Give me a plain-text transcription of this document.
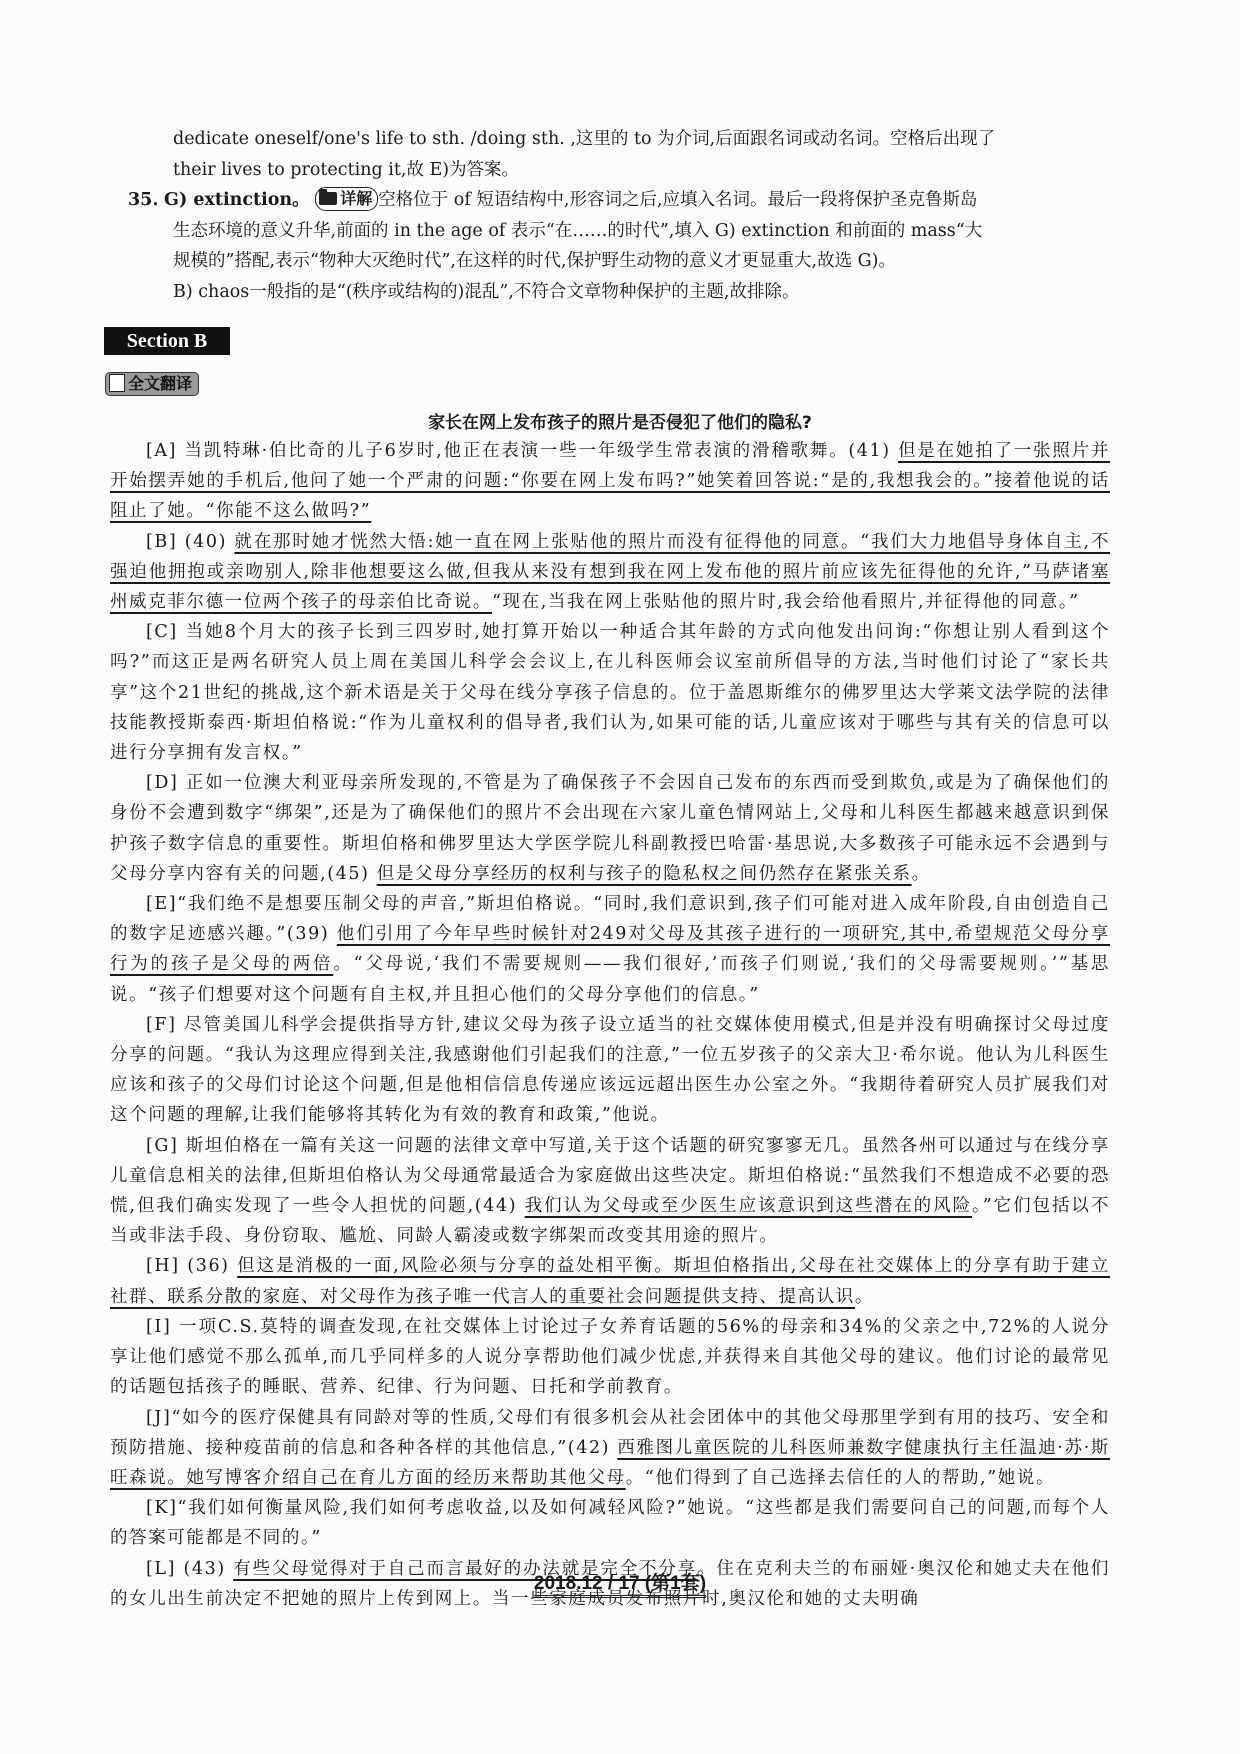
dedicate oneself/one's life to sth. /doing sth. ,这里的 to 为介词,后面跟名词或动名词。空格后出现了
their lives to protecting it,故 E)为答案。
35. G) extinction。 详解 空格位于 of 短语结构中,形容词之后,应填入名词。最后一段将保护圣克鲁斯岛
生态环境的意义升华,前面的 in the age of 表示“在……的时代”,填入 G) extinction 和前面的 mass“大
规模的”搭配,表示“物种大灭绝时代”,在这样的时代,保护野生动物的意义才更显重大,故选 G)。
B) chaos一般指的是“(秩序或结构的)混乱”,不符合文章物种保护的主题,故排除。
Section B
全文翻译
家长在网上发布孩子的照片是否侵犯了他们的隐私?

[A] 当凯特琳·伯比奇的儿子6岁时,他正在表演一些一年级学生常表演的滑稽歌舞。(41) 但是在她拍了一张照片并开始摆弄她的手机后,他问了她一个严肃的问题:“你要在网上发布吗?”她笑着回答说:“是的,我想我会的。”接着他说的话阻止了她。“你能不这么做吗?”

[B] (40) 就在那时她才恍然大悟:她一直在网上张贴他的照片而没有征得他的同意。“我们大力地倡导身体自主,不强迫他拥抱或亲吻别人,除非他想要这么做,但我从来没有想到我在网上发布他的照片前应该先征得他的允许,”马萨诸塞州威克菲尔德一位两个孩子的母亲伯比奇说。“现在,当我在网上张贴他的照片时,我会给他看照片,并征得他的同意。”

[C] 当她8个月大的孩子长到三四岁时,她打算开始以一种适合其年龄的方式向他发出问询:“你想让别人看到这个吗?”而这正是两名研究人员上周在美国儿科学会会议上,在儿科医师会议室前所倡导的方法,当时他们讨论了“家长共享”这个21世纪的挑战,这个新术语是关于父母在线分享孩子信息的。位于盖恩斯维尔的佛罗里达大学莱文法学院的法律技能教授斯泰西·斯坦伯格说:“作为儿童权利的倡导者,我们认为,如果可能的话,儿童应该对于哪些与其有关的信息可以进行分享拥有发言权。”

[D] 正如一位澳大利亚母亲所发现的,不管是为了确保孩子不会因自己发布的东西而受到欺负,或是为了确保他们的身份不会遭到数字“绑架”,还是为了确保他们的照片不会出现在六家儿童色情网站上,父母和儿科医生都越来越意识到保护孩子数字信息的重要性。斯坦伯格和佛罗里达大学医学院儿科副教授巴哈雷·基思说,大多数孩子可能永远不会遇到与父母分享内容有关的问题,(45) 但是父母分享经历的权利与孩子的隐私权之间仍然存在紧张关系。

[E]“我们绝不是想要压制父母的声音,”斯坦伯格说。“同时,我们意识到,孩子们可能对进入成年阶段,自由创造自己的数字足迹感兴趣。”(39) 他们引用了今年早些时候针对249对父母及其孩子进行的一项研究,其中,希望规范父母分享行为的孩子是父母的两倍。“父母说,‘我们不需要规则——我们很好,’而孩子们则说,‘我们的父母需要规则。’”基思说。“孩子们想要对这个问题有自主权,并且担心他们的父母分享他们的信息。”

[F] 尽管美国儿科学会提供指导方针,建议父母为孩子设立适当的社交媒体使用模式,但是并没有明确探讨父母过度分享的问题。“我认为这理应得到关注,我感谢他们引起我们的注意,”一位五岁孩子的父亲大卫·希尔说。他认为儿科医生应该和孩子的父母们讨论这个问题,但是他相信信息传递应该远远超出医生办公室之外。“我期待着研究人员扩展我们对这个问题的理解,让我们能够将其转化为有效的教育和政策,”他说。

[G] 斯坦伯格在一篇有关这一问题的法律文章中写道,关于这个话题的研究寥寥无几。虽然各州可以通过与在线分享儿童信息相关的法律,但斯坦伯格认为父母通常最适合为家庭做出这些决定。斯坦伯格说:“虽然我们不想造成不必要的恐慌,但我们确实发现了一些令人担忧的问题,(44) 我们认为父母或至少医生应该意识到这些潜在的风险。”它们包括以不当或非法手段、身份窃取、尴尬、同龄人霸凌或数字绑架而改变其用途的照片。

[H] (36) 但这是消极的一面,风险必须与分享的益处相平衡。斯坦伯格指出,父母在社交媒体上的分享有助于建立社群、联系分散的家庭、对父母作为孩子唯一代言人的重要社会问题提供支持、提高认识。

[I] 一项C.S.莫特的调查发现,在社交媒体上讨论过子女养育话题的56%的母亲和34%的父亲之中,72%的人说分享让他们感觉不那么孤单,而几乎同样多的人说分享帮助他们减少忧虑,并获得来自其他父母的建议。他们讨论的最常见的话题包括孩子的睡眠、营养、纪律、行为问题、日托和学前教育。

[J]“如今的医疗保健具有同龄对等的性质,父母们有很多机会从社会团体中的其他父母那里学到有用的技巧、安全和预防措施、接种疫苗前的信息和各种各样的其他信息,”(42) 西雅图儿童医院的儿科医师兼数字健康执行主任温迪·苏·斯旺森说。她写博客介绍自己在育儿方面的经历来帮助其他父母。“他们得到了自己选择去信任的人的帮助,”她说。

[K]“我们如何衡量风险,我们如何考虑收益,以及如何减轻风险?”她说。“这些都是我们需要问自己的问题,而每个人的答案可能都是不同的。”

[L] (43) 有些父母觉得对于自己而言最好的办法就是完全不分享。住在克利夫兰的布丽娅·奥汉伦和她丈夫在他们的女儿出生前决定不把她的照片上传到网上。当一些家庭成员发布照片时,奥汉伦和她的丈夫明确

2018.12 / 17 (第1套)
